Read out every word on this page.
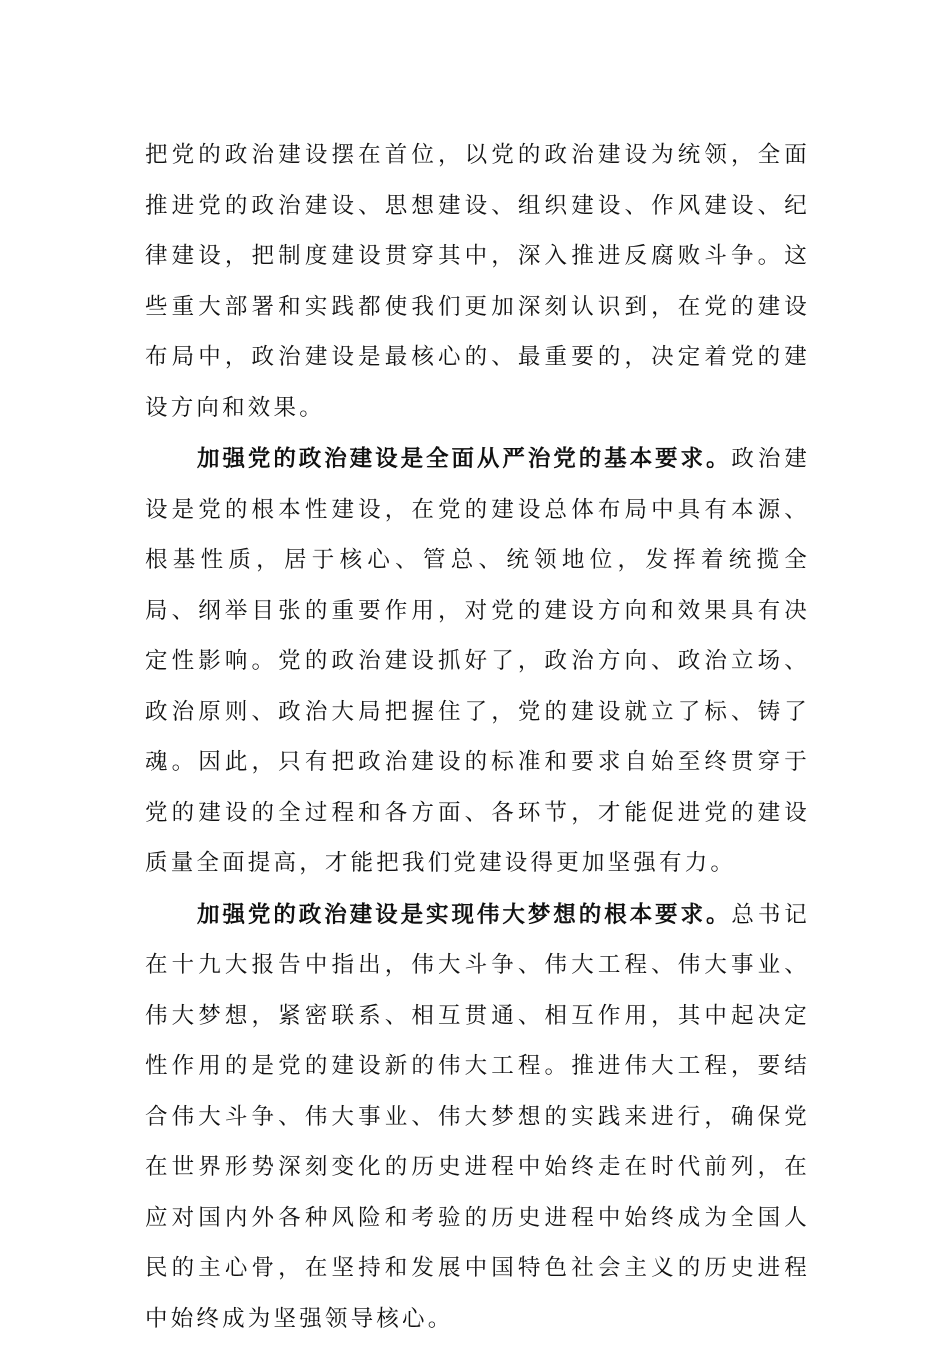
把党的政治建设摆在首位，以党的政治建设为统领，全面推进党的政治建设、思想建设、组织建设、作风建设、纪律建设，把制度建设贯穿其中，深入推进反腐败斗争。这些重大部署和实践都使我们更加深刻认识到，在党的建设布局中，政治建设是最核心的、最重要的，决定着党的建设方向和效果。

加强党的政治建设是全面从严治党的基本要求。政治建设是党的根本性建设，在党的建设总体布局中具有本源、根基性质，居于核心、管总、统领地位，发挥着统揽全局、纲举目张的重要作用，对党的建设方向和效果具有决定性影响。党的政治建设抓好了，政治方向、政治立场、政治原则、政治大局把握住了，党的建设就立了标、铸了魂。因此，只有把政治建设的标准和要求自始至终贯穿于党的建设的全过程和各方面、各环节，才能促进党的建设质量全面提高，才能把我们党建设得更加坚强有力。

加强党的政治建设是实现伟大梦想的根本要求。总书记在十九大报告中指出，伟大斗争、伟大工程、伟大事业、伟大梦想，紧密联系、相互贯通、相互作用，其中起决定性作用的是党的建设新的伟大工程。推进伟大工程，要结合伟大斗争、伟大事业、伟大梦想的实践来进行，确保党在世界形势深刻变化的历史进程中始终走在时代前列，在应对国内外各种风险和考验的历史进程中始终成为全国人民的主心骨，在坚持和发展中国特色社会主义的历史进程中始终成为坚强领导核心。
